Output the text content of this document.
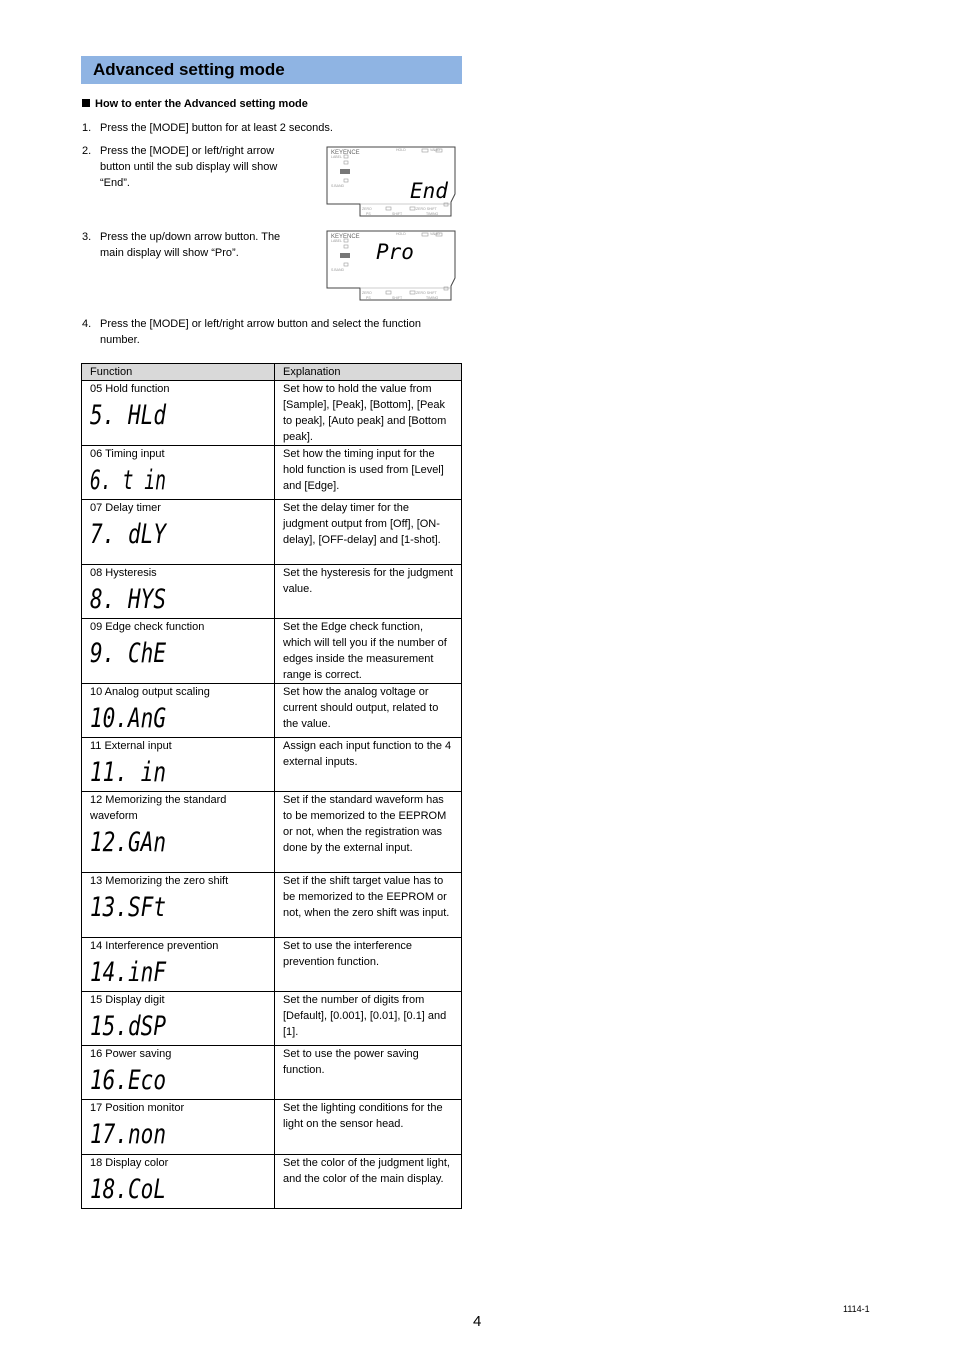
Advanced setting mode
How to enter the Advanced setting mode
1. Press the [MODE] button for at least 2 seconds.
2. Press the [MODE] or left/right arrow button until the sub display will show “End”.
3. Press the up/down arrow button. The main display will show “Pro”.
4. Press the [MODE] or left/right arrow button and select the function number.
KEYENCE
LABEL
S.BAND
ZERO
PS	SHIFT
ZERO SHIFT
TIMING
HOLD	VALID
End
KEYENCE
LABEL
S.BAND
ZERO
PS	SHIFT
ZERO SHIFT
TIMING
HOLD	VALID
Pro
Function	Explanation

05 Hold function
5. HLd	Set how to hold the value from [Sample], [Peak], [Bottom], [Peak to peak], [Auto peak] and [Bottom peak].

06 Timing input
6. t in	Set how the timing input for the hold function is used from [Level] and [Edge].

07 Delay timer
7. dLY	Set the delay timer for the judgment output from [Off], [ON-delay], [OFF-delay] and [1-shot].

08 Hysteresis
8. HYS	Set the hysteresis for the judgment value.

09 Edge check function
9. ChE	Set the Edge check function, which will tell you if the number of edges inside the measurement range is correct.

10 Analog output scaling
10.AnG	Set how the analog voltage or current should output, related to the value.

11 External input
11. in	Assign each input function to the 4 external inputs.

12 Memorizing the standard waveform
12.GAn	Set if the standard waveform has to be memorized to the EEPROM or not, when the registration was done by the external input.

13 Memorizing the zero shift
13.SFt	Set if the shift target value has to be memorized to the EEPROM or not, when the zero shift was input.

14 Interference prevention
14.inF	Set to use the interference prevention function.

15 Display digit
15.dSP	Set the number of digits from [Default], [0.001], [0.01], [0.1] and [1].

16 Power saving
16.Eco	Set to use the power saving function.

17 Position monitor
17.non	Set the lighting conditions for the light on the sensor head.

18 Display color
18.CoL	Set the color of the judgment light, and the color of the main display.
4
1114-1
